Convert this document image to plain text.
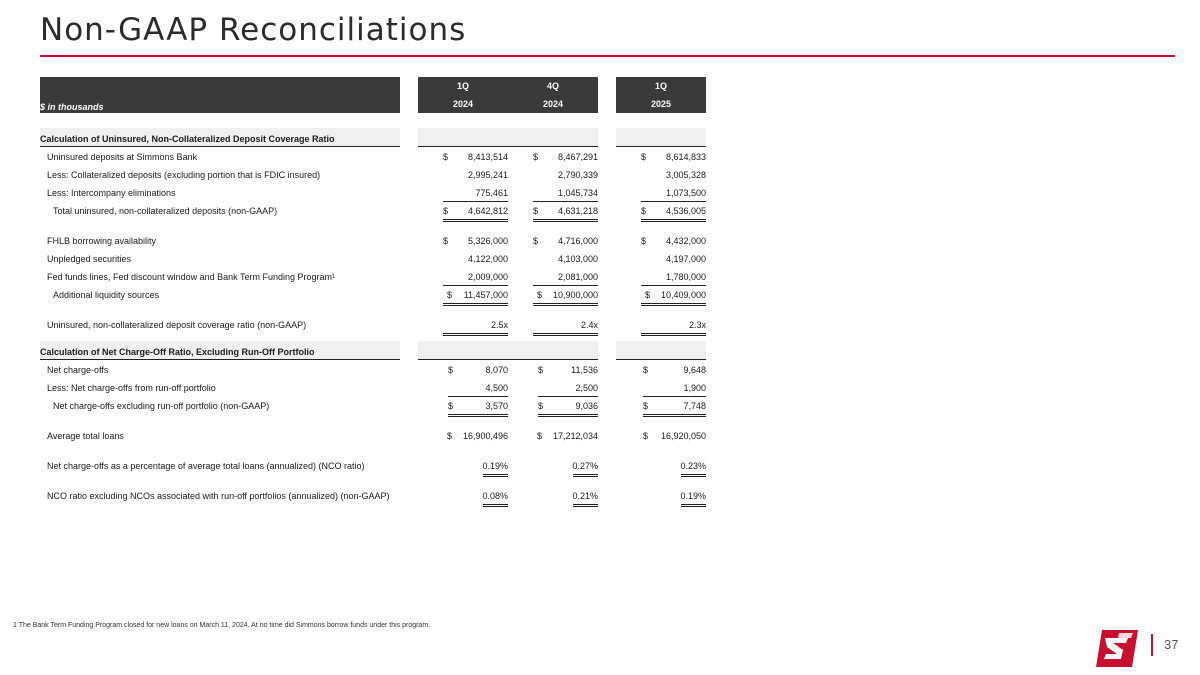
Non-GAAP Reconciliations
$ in thousands
1Q
2024
4Q
2024
1Q
2025
Calculation of Uninsured, Non-Collateralized Deposit Coverage Ratio
Uninsured deposits at Simmons Bank	$ 8,413,514	$ 8,467,291	$ 8,614,833
Less: Collateralized deposits (excluding portion that is FDIC insured)	2,995,241	2,790,339	3,005,328
Less: Intercompany eliminations	775,461	1,045,734	1,073,500
Total uninsured, non-collateralized deposits (non-GAAP)	$ 4,642,812	$ 4,631,218	$ 4,536,005
FHLB borrowing availability	$ 5,326,000	$ 4,716,000	$ 4,432,000
Unpledged securities	4,122,000	4,103,000	4,197,000
Fed funds lines, Fed discount window and Bank Term Funding Program¹	2,009,000	2,081,000	1,780,000
Additional liquidity sources	$ 11,457,000	$ 10,900,000	$ 10,409,000
Uninsured, non-collateralized deposit coverage ratio (non-GAAP)	2.5x	2.4x	2.3x
Calculation of Net Charge-Off Ratio, Excluding Run-Off Portfolio
Net charge-offs	$	8,070	$	11,536	$	9,648
Less: Net charge-offs from run-off portfolio	4,500	2,500	1,900
Net charge-offs excluding run-off portfolio (non-GAAP)	$	3,570	$	9,036	$	7,748
Average total loans	$ 16,900,496	$ 17,212,034	$ 16,920,050
Net charge-offs as a percentage of average total loans (annualized) (NCO ratio)	0.19%	0.27%	0.23%
NCO ratio excluding NCOs associated with run-off portfolios (annualized) (non-GAAP)	0.08%	0.21%	0.19%
1 The Bank Term Funding Program closed for new loans on March 11, 2024. At no time did Simmons borrow funds under this program.
37
